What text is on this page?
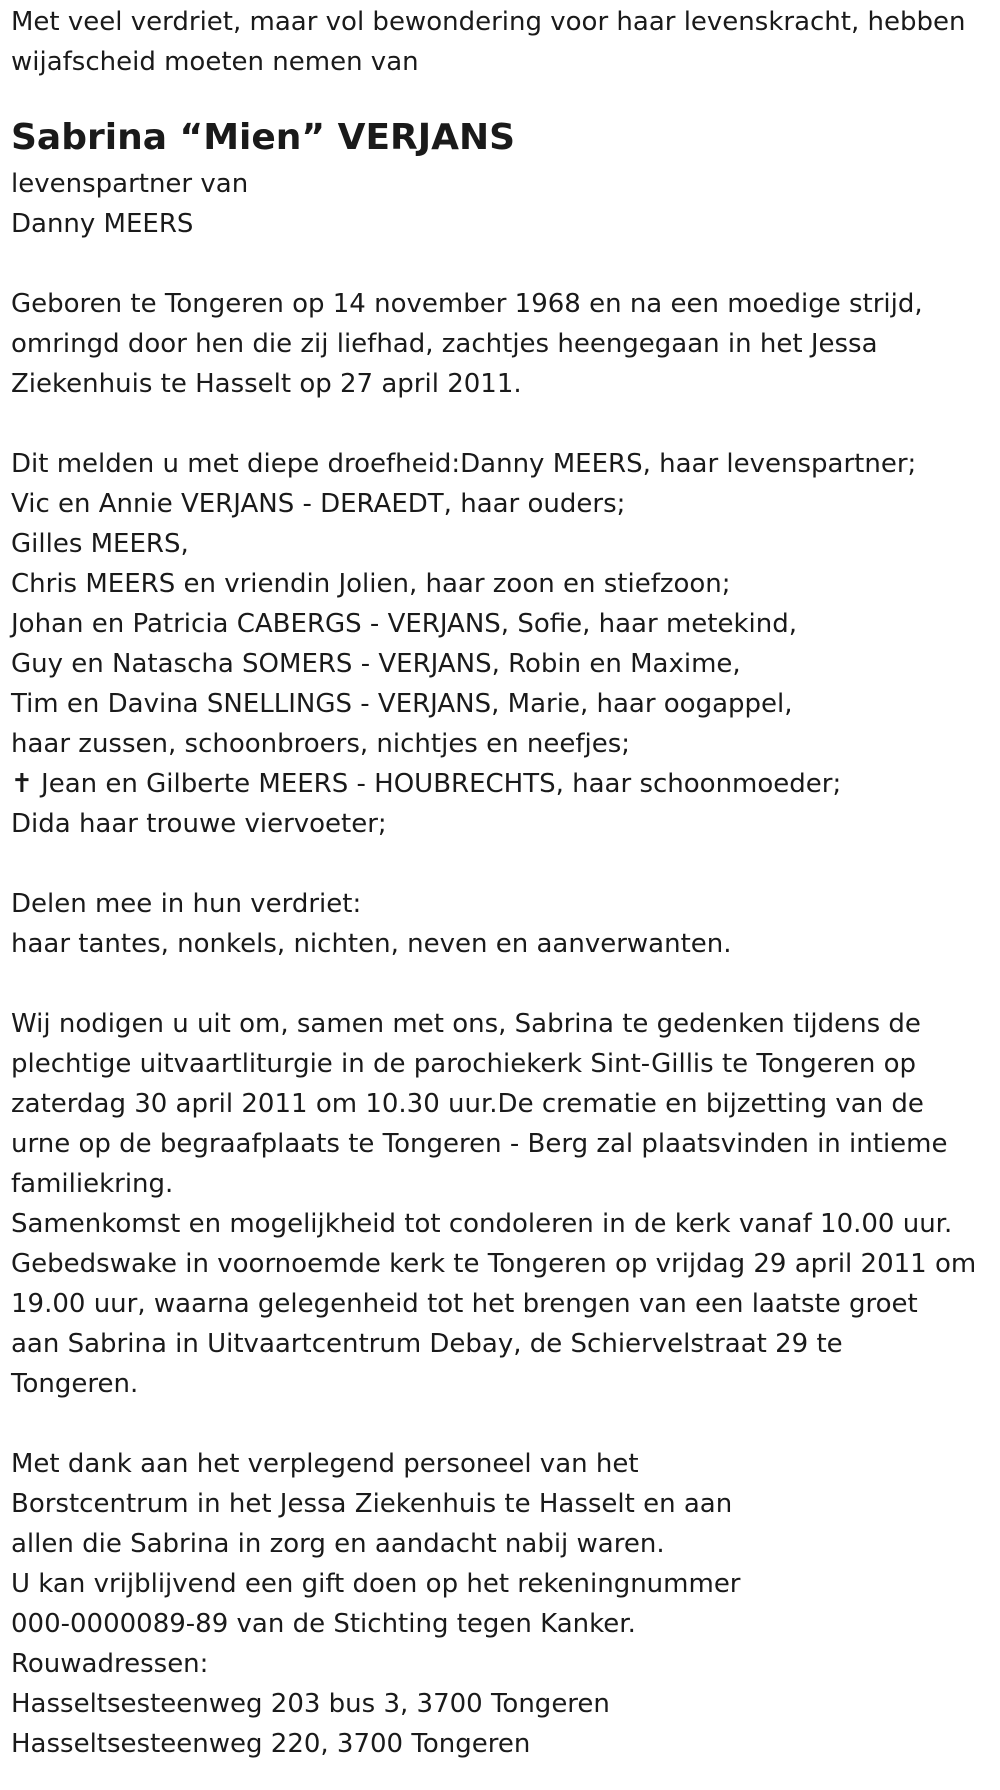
Met veel verdriet, maar vol bewondering voor haar levenskracht, hebben
wijafscheid moeten nemen van
Sabrina “Mien” VERJANS
levenspartner van
Danny MEERS
Geboren te Tongeren op 14 november 1968 en na een moedige strijd,
omringd door hen die zij liefhad, zachtjes heengegaan in het Jessa
Ziekenhuis te Hasselt op 27 april 2011.
Dit melden u met diepe droefheid:Danny MEERS, haar levenspartner;
Vic en Annie VERJANS - DERAEDT, haar ouders;
Gilles MEERS,
Chris MEERS en vriendin Jolien, haar zoon en stiefzoon;
Johan en Patricia CABERGS - VERJANS, Sofie, haar metekind,
Guy en Natascha SOMERS - VERJANS, Robin en Maxime,
Tim en Davina SNELLINGS - VERJANS, Marie, haar oogappel,
haar zussen, schoonbroers, nichtjes en neefjes;
✝ Jean en Gilberte MEERS - HOUBRECHTS, haar schoonmoeder;
Dida haar trouwe viervoeter;
Delen mee in hun verdriet:
haar tantes, nonkels, nichten, neven en aanverwanten.
Wij nodigen u uit om, samen met ons, Sabrina te gedenken tijdens de
plechtige uitvaartliturgie in de parochiekerk Sint-Gillis te Tongeren op
zaterdag 30 april 2011 om 10.30 uur.De crematie en bijzetting van de
urne op de begraafplaats te Tongeren - Berg zal plaatsvinden in intieme
familiekring.
Samenkomst en mogelijkheid tot condoleren in de kerk vanaf 10.00 uur.
Gebedswake in voornoemde kerk te Tongeren op vrijdag 29 april 2011 om
19.00 uur, waarna gelegenheid tot het brengen van een laatste groet
aan Sabrina in Uitvaartcentrum Debay, de Schiervelstraat 29 te
Tongeren.
Met dank aan het verplegend personeel van het
Borstcentrum in het Jessa Ziekenhuis te Hasselt en aan
allen die Sabrina in zorg en aandacht nabij waren.
U kan vrijblijvend een gift doen op het rekeningnummer
000-0000089-89 van de Stichting tegen Kanker.
Rouwadressen:
Hasseltsesteenweg 203 bus 3, 3700 Tongeren
Hasseltsesteenweg 220, 3700 Tongeren
